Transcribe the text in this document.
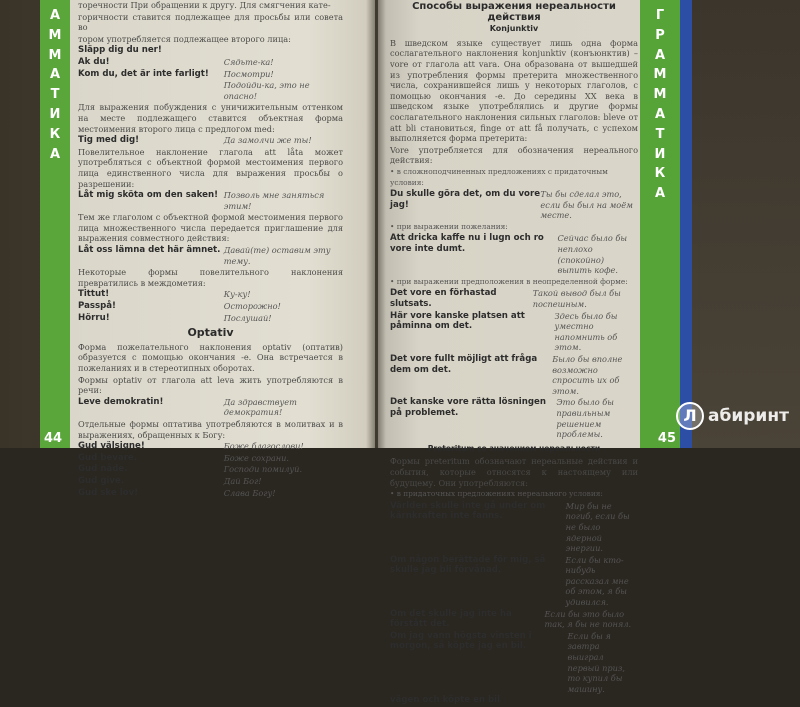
А
М
М
А
Т
И
К
А
44
Г
Р
А
М
М
А
Т
И
К
А
45

торечности При обращении к другу. Для смягчения кате-

горичности ставится подлежащее для просьбы или совета во

тором употребляется подлежащее второго лица:

Släpp dig du ner!
Ak du!	Сядьте-ка!
Kom du, det är inte farligt! Посмотри!
Подойди-ка, это не опасно!

Для выражения побуждения с уничижительным оттенком на месте подлежащего ставится объектная форма местоимения второго лица с предлогом med:

Tig med dig!	Да замолчи же ты!

Повелительное наклонение глагола att låta может употребляться с объектной формой местоимения первого лица единственного числа для выражения просьбы о разрешении:

Låt mig sköta om den saken! Позволь мне заняться этим!

Тем же глаголом с объектной формой местоимения первого лица множественного числа передается приглашение для выражения совместного действия:

Låt oss lämna det här ämnet. Давай(те) оставим эту тему.

Некоторые формы повелительного наклонения превратились в междометия:

Tittut!	Ку-ку!
Passpå!	Осторожно!
Hörru!	Послушай!
Optativ

Форма пожелательного наклонения optativ (оптатив) образуется с помощью окончания -e. Она встречается в пожеланиях и в стереотипных оборотах.

Формы optativ от глагола att leva жить употребляются в речи:

Leve demokratin!	Да здравствует демократия!

Отдельные формы оптатива употребляются в молитвах и в выражениях, обращенных к Богу:

Gud välsigne!	Боже благослови!
Gud bevare.	Боже сохрани.
Gud nåde.	Господи помилуй.
Gud give.	Дай Бог!
Gud ske lov!	Слава Богу!
Способы выражения нереальности действия
Konjunktiv

В шведском языке существует лишь одна форма сослагательного наклонения konjunktiv (конъюнктив) – vore от глагола att vara. Она образована от вышедшей из употребления формы претерита множественного числа, сохранившейся лишь у некоторых глаголов, с помощью окончания -e. До середины XX века в шведском языке употреблялись и другие формы сослагательного наклонения сильных глаголов: bleve от att bli становиться, finge от att få получать, с успехом выполняется форма претерита:

Vore употребляется для обозначения нереального действия:

• в сложноподчиненных предложениях с придаточным условия:
Du skulle göra det, om du vore jag!
Ты бы сделал это, если бы был на моём месте.
• при выражении пожелания:
Att dricka kaffe nu i lugn och ro vore inte dumt.
Сейчас было бы неплохо (спокойно) выпить кофе.
• при выражении предположения в неопределенной форме:
Det vore en förhastad slutsats.
Такой вывод был бы поспешным.
Här vore kanske platsen att påminna om det.
Здесь было бы уместно напомнить об этом.
Det vore fullt möjligt att fråga dem om det.
Было бы вполне возможно спросить их об этом.
Det kanske vore rätta lösningen på problemet.
Это было бы правильным решением проблемы.
Preteritum со значением нереальности

Формы preteritum обозначают нереальные действия и события, которые относятся к настоящему или будущему. Они употребляются:

• в придаточных предложениях нереального условия:
Världen skulle inte gå under om kärnkraften inte fanns.
Мир бы не погиб, если бы не было ядерной энергии.
Om någon berättade för mig, så skulle jag bli förvånad.
Если бы кто-нибудь рассказал мне об этом, я бы удивился.
Om det skulle jag inte ha förstått det.
Если бы это было так, я бы не понял.
Om jag vann högsta vinsten i morgon, så köpte jag en bil.
Если бы я завтра выиграл первый приз, то купил бы машину.
vägen och köpte en bil
Л абиринт
